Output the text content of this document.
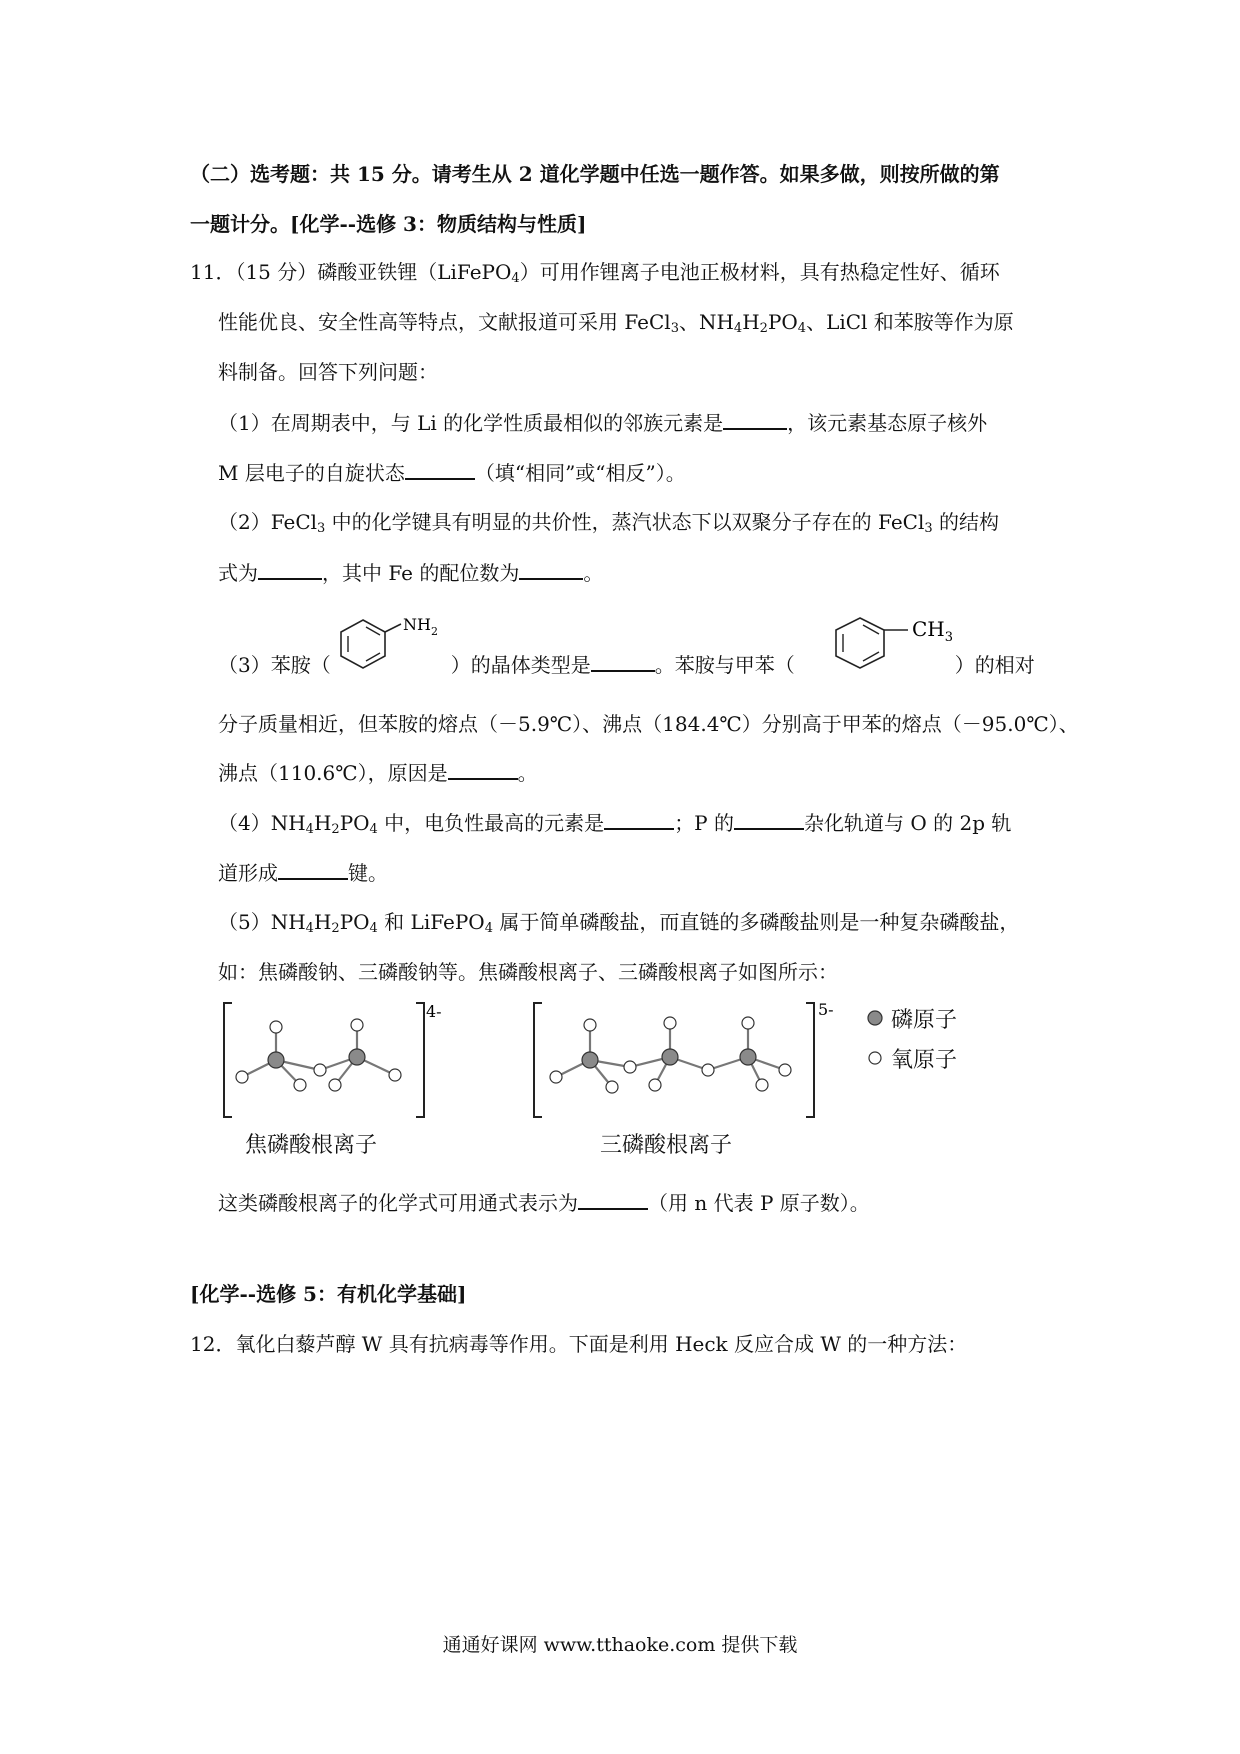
（二）选考题：共 15 分。请考生从 2 道化学题中任选一题作答。如果多做，则按所做的第
一题计分。[化学--选修 3：物质结构与性质]
11．（15 分）磷酸亚铁锂（LiFePO$_4$）可用作锂离子电池正极材料，具有热稳定性好、循环
性能优良、安全性高等特点，文献报道可采用 FeCl$_3$、$NH_4H_2PO_4$、LiCl 和苯胺等作为原
料制备。回答下列问题：
（1）在周期表中，与 Li 的化学性质最相似的邻族元素是	，该元素基态原子核外
M 层电子的自旋状态	（填“相同”或“相反”）。
（2）FeCl$_3$ 中的化学键具有明显的共价性，蒸汽状态下以双聚分子存在的 FeCl$_3$ 的结构
式为	，其中 Fe 的配位数为	。
（3）苯胺（	）的晶体类型是	。苯胺与甲苯（	）的相对
$NH_2$	$CH_3$
分子质量相近，但苯胺的熔点（－5.9℃）、沸点（184.4℃）分别高于甲苯的熔点（－95.0℃）、
沸点（110.6℃），原因是	。
$(4)NH_4H_2PO_4$ 中，电负性最高的元素是	；P 的	杂化轨道与 O 的 2p 轨
道形成	键。
$(5)NH_4H_2PO_4$ 和 LiFePO$_4$ 属于简单磷酸盐，而直链的多磷酸盐则是一种复杂磷酸盐，
如：焦磷酸钠、三磷酸钠等。焦磷酸根离子、三磷酸根离子如图所示：
4-	5-	磷原子
氧原子
焦磷酸根离子	三磷酸根离子
这类磷酸根离子的化学式可用通式表示为	（用 n 代表 P 原子数）。
[化学--选修 5：有机化学基础]
12．氧化白藜芦醇 W 具有抗病毒等作用。下面是利用 Heck 反应合成 W 的一种方法：
通通好课网 www.tthaoke.com 提供下载
